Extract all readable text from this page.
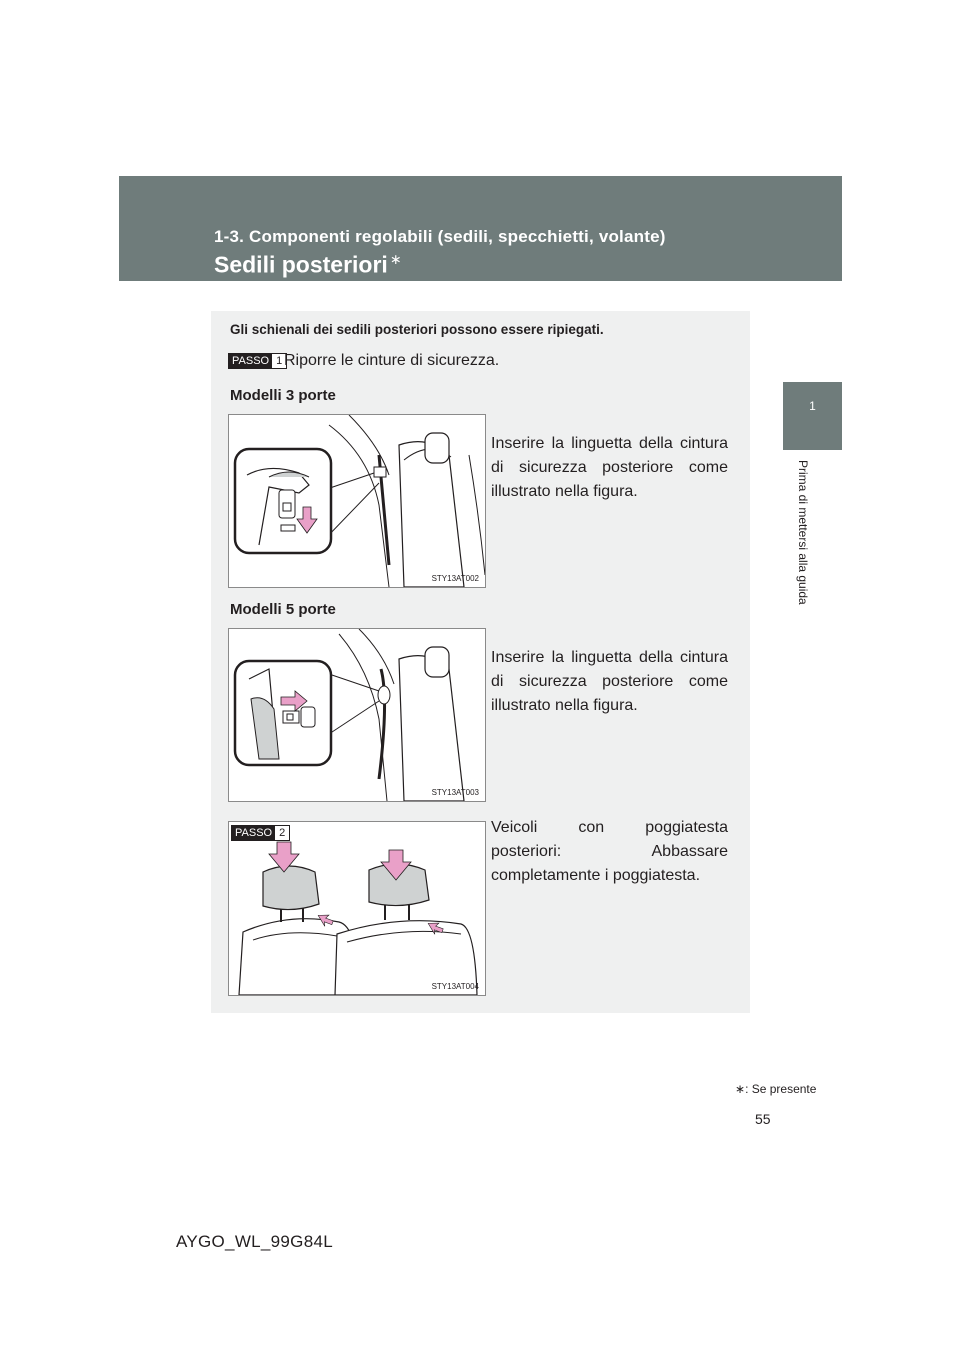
1-3. Componenti regolabili (sedili, specchietti, volante)
Sedili posteriori ∗
1
Prima di mettersi alla guida
Gli schienali dei sedili posteriori possono essere ripiegati.
PASSO 1 Riporre le cinture di sicurezza.
Modelli 3 porte
STY13AT002
Inserire la linguetta della cintura di sicurezza posteriore come illustrato nella figura.
Modelli 5 porte
STY13AT003
Inserire la linguetta della cintura di sicurezza posteriore come illustrato nella figura.
PASSO 2
STY13AT004
Veicoli con poggiatesta posteriori: Abbassare completamente i poggiatesta.
∗: Se presente
55
AYGO_WL_99G84L
